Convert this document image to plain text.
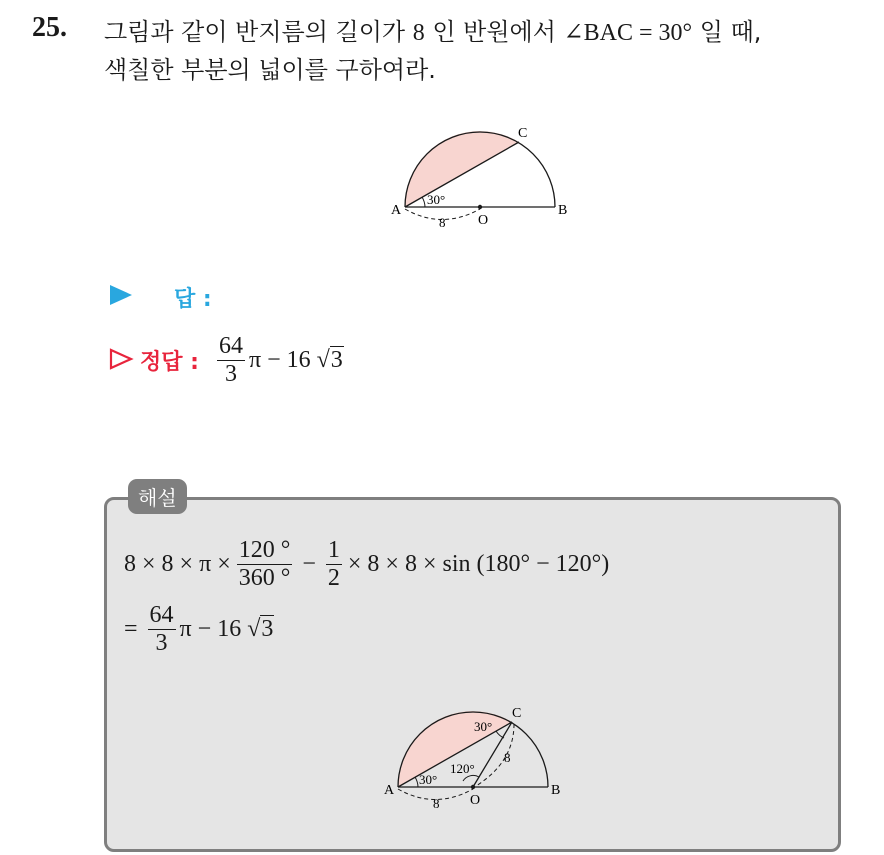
25. 그림과 같이 반지름의 길이가 8 인 반원에서 ∠BAC = 30° 일 때,
색칠한 부분의 넓이를 구하여라.
A	B
C
O
30°
8
답 :
정답 : $\frac{64}{3}$ π − 16 √3
해설
$8 \times 8 \times \pi \times \frac{120 ^\circ}{360 ^\circ} - \frac{1}{2} \times 8 \times 8 \times \sin (180^\circ - 120^\circ)$
= $\frac{64}{3}$ π − 16 √3
A	B
C
O
30°
30°
120°
8
8
